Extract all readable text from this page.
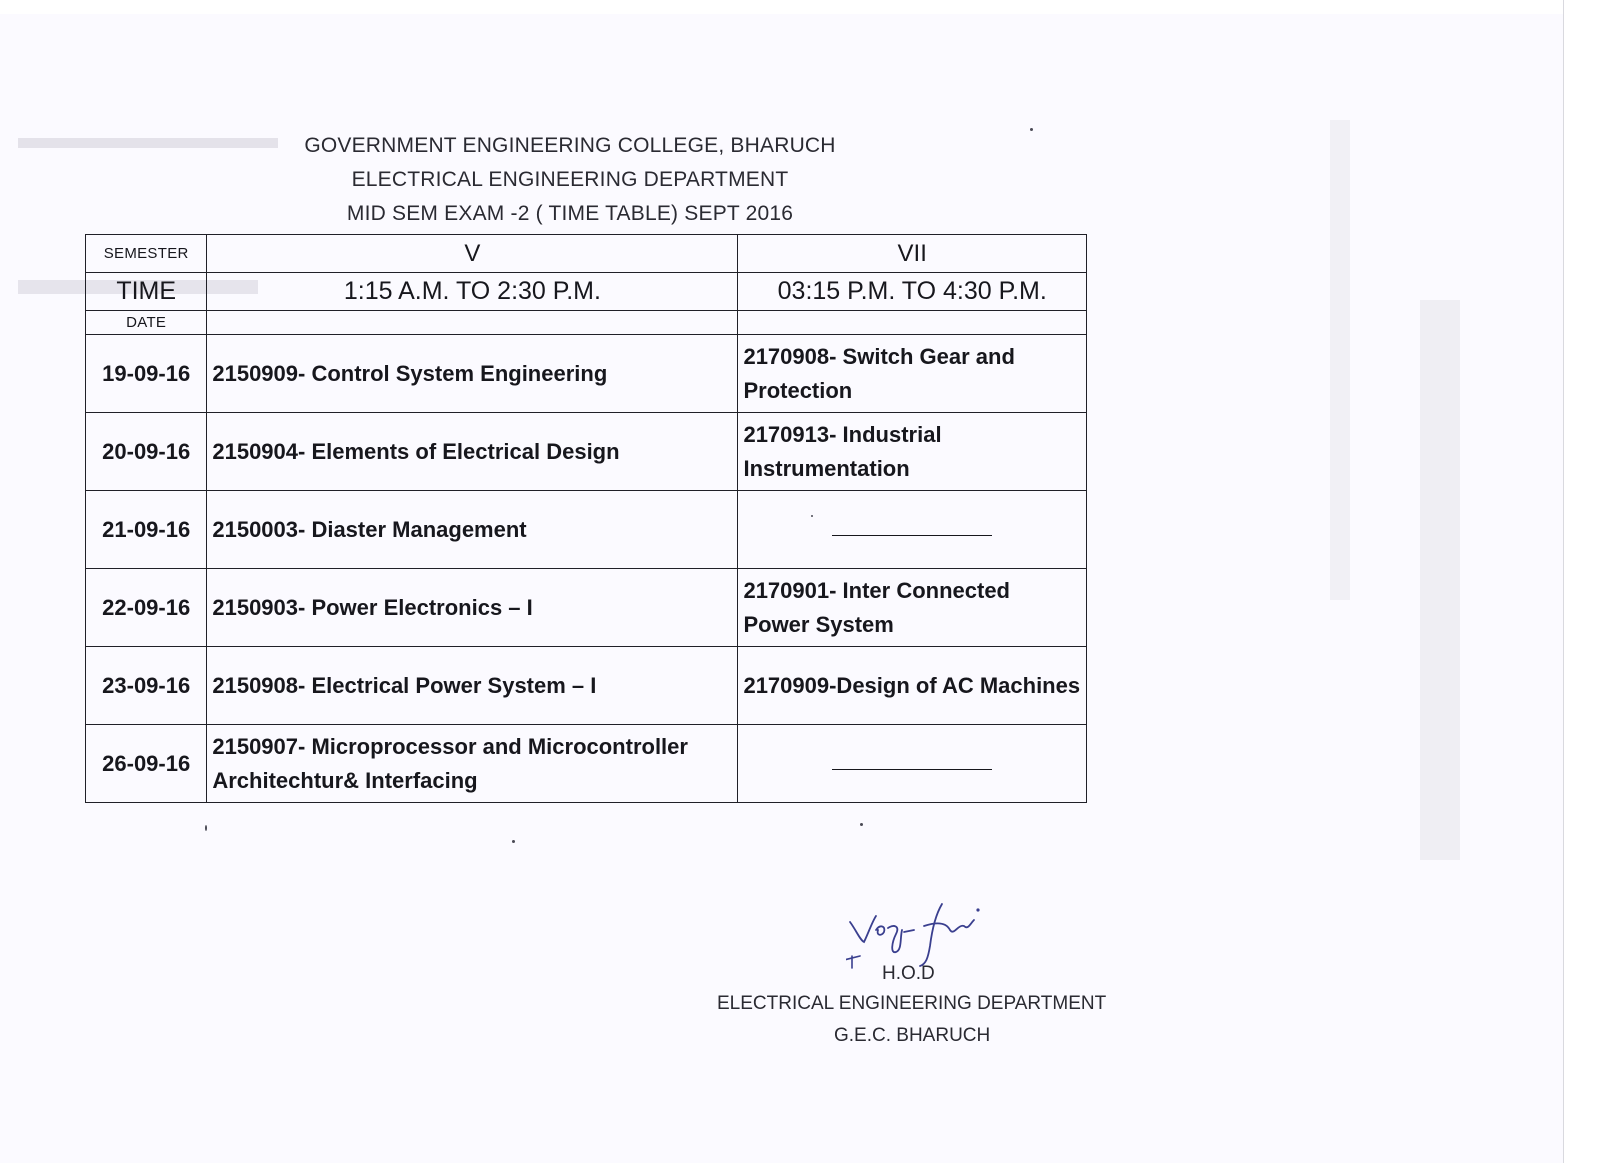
GOVERNMENT ENGINEERING COLLEGE, BHARUCH
ELECTRICAL ENGINEERING DEPARTMENT
MID SEM EXAM -2 ( TIME TABLE) SEPT 2016
SEMESTER	V	VII
TIME	1:15 A.M. TO 2:30 P.M.	03:15 P.M. TO 4:30 P.M.
DATE		
19-09-16	2150909- Control System Engineering	2170908- Switch Gear and Protection
20-09-16	2150904- Elements of Electrical Design	2170913- Industrial Instrumentation
21-09-16	2150003- Diaster Management	

22-09-16	2150903- Power Electronics – I	2170901- Inter Connected Power System
23-09-16	2150908- Electrical Power System – I	2170909-Design of AC Machines
26-09-16	2150907- Microprocessor and Microcontroller Architechtur& Interfacing	
H.O.D
ELECTRICAL ENGINEERING DEPARTMENT
G.E.C. BHARUCH
